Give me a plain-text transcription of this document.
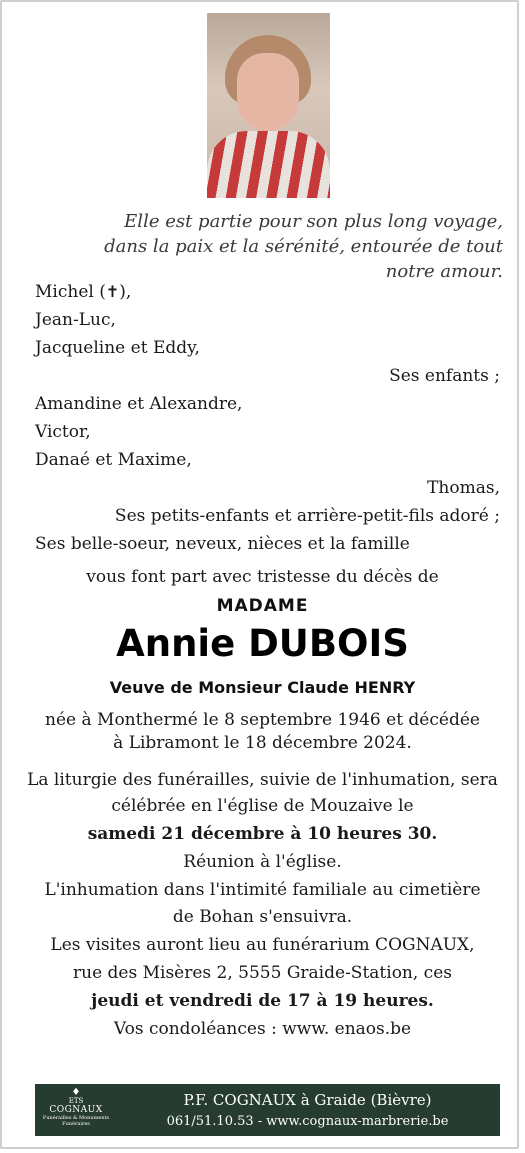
Elle est partie pour son plus long voyage, dans la paix et la sérénité, entourée de tout notre amour.
Michel (✝),
Jean-Luc,
Jacqueline et Eddy,
Ses enfants ;
Amandine et Alexandre,
Victor,
Danaé et Maxime,
Thomas,
Ses petits-enfants et arrière-petit-fils adoré ;
Ses belle-soeur, neveux, nièces et la famille
vous font part avec tristesse du décès de
MADAME
Annie DUBOIS
Veuve de Monsieur Claude HENRY
née à Monthermé le 8 septembre 1946 et décédée
à Libramont le 18 décembre 2024.
La liturgie des funérailles, suivie de l'inhumation, sera
célébrée en l'église de Mouzaive le
samedi 21 décembre à 10 heures 30.
Réunion à l'église.
L'inhumation dans l'intimité familiale au cimetière
de Bohan s'ensuivra.
Les visites auront lieu au funérarium COGNAUX,
rue des Misères 2, 5555 Graide-Station, ces
jeudi et vendredi de 17 à 19 heures.
Vos condoléances : www. enaos.be
♦
ETS
COGNAUX
Funérailles & Monuments Funéraires
P.F. COGNAUX à Graide (Bièvre)
061/51.10.53 - www.cognaux-marbrerie.be
